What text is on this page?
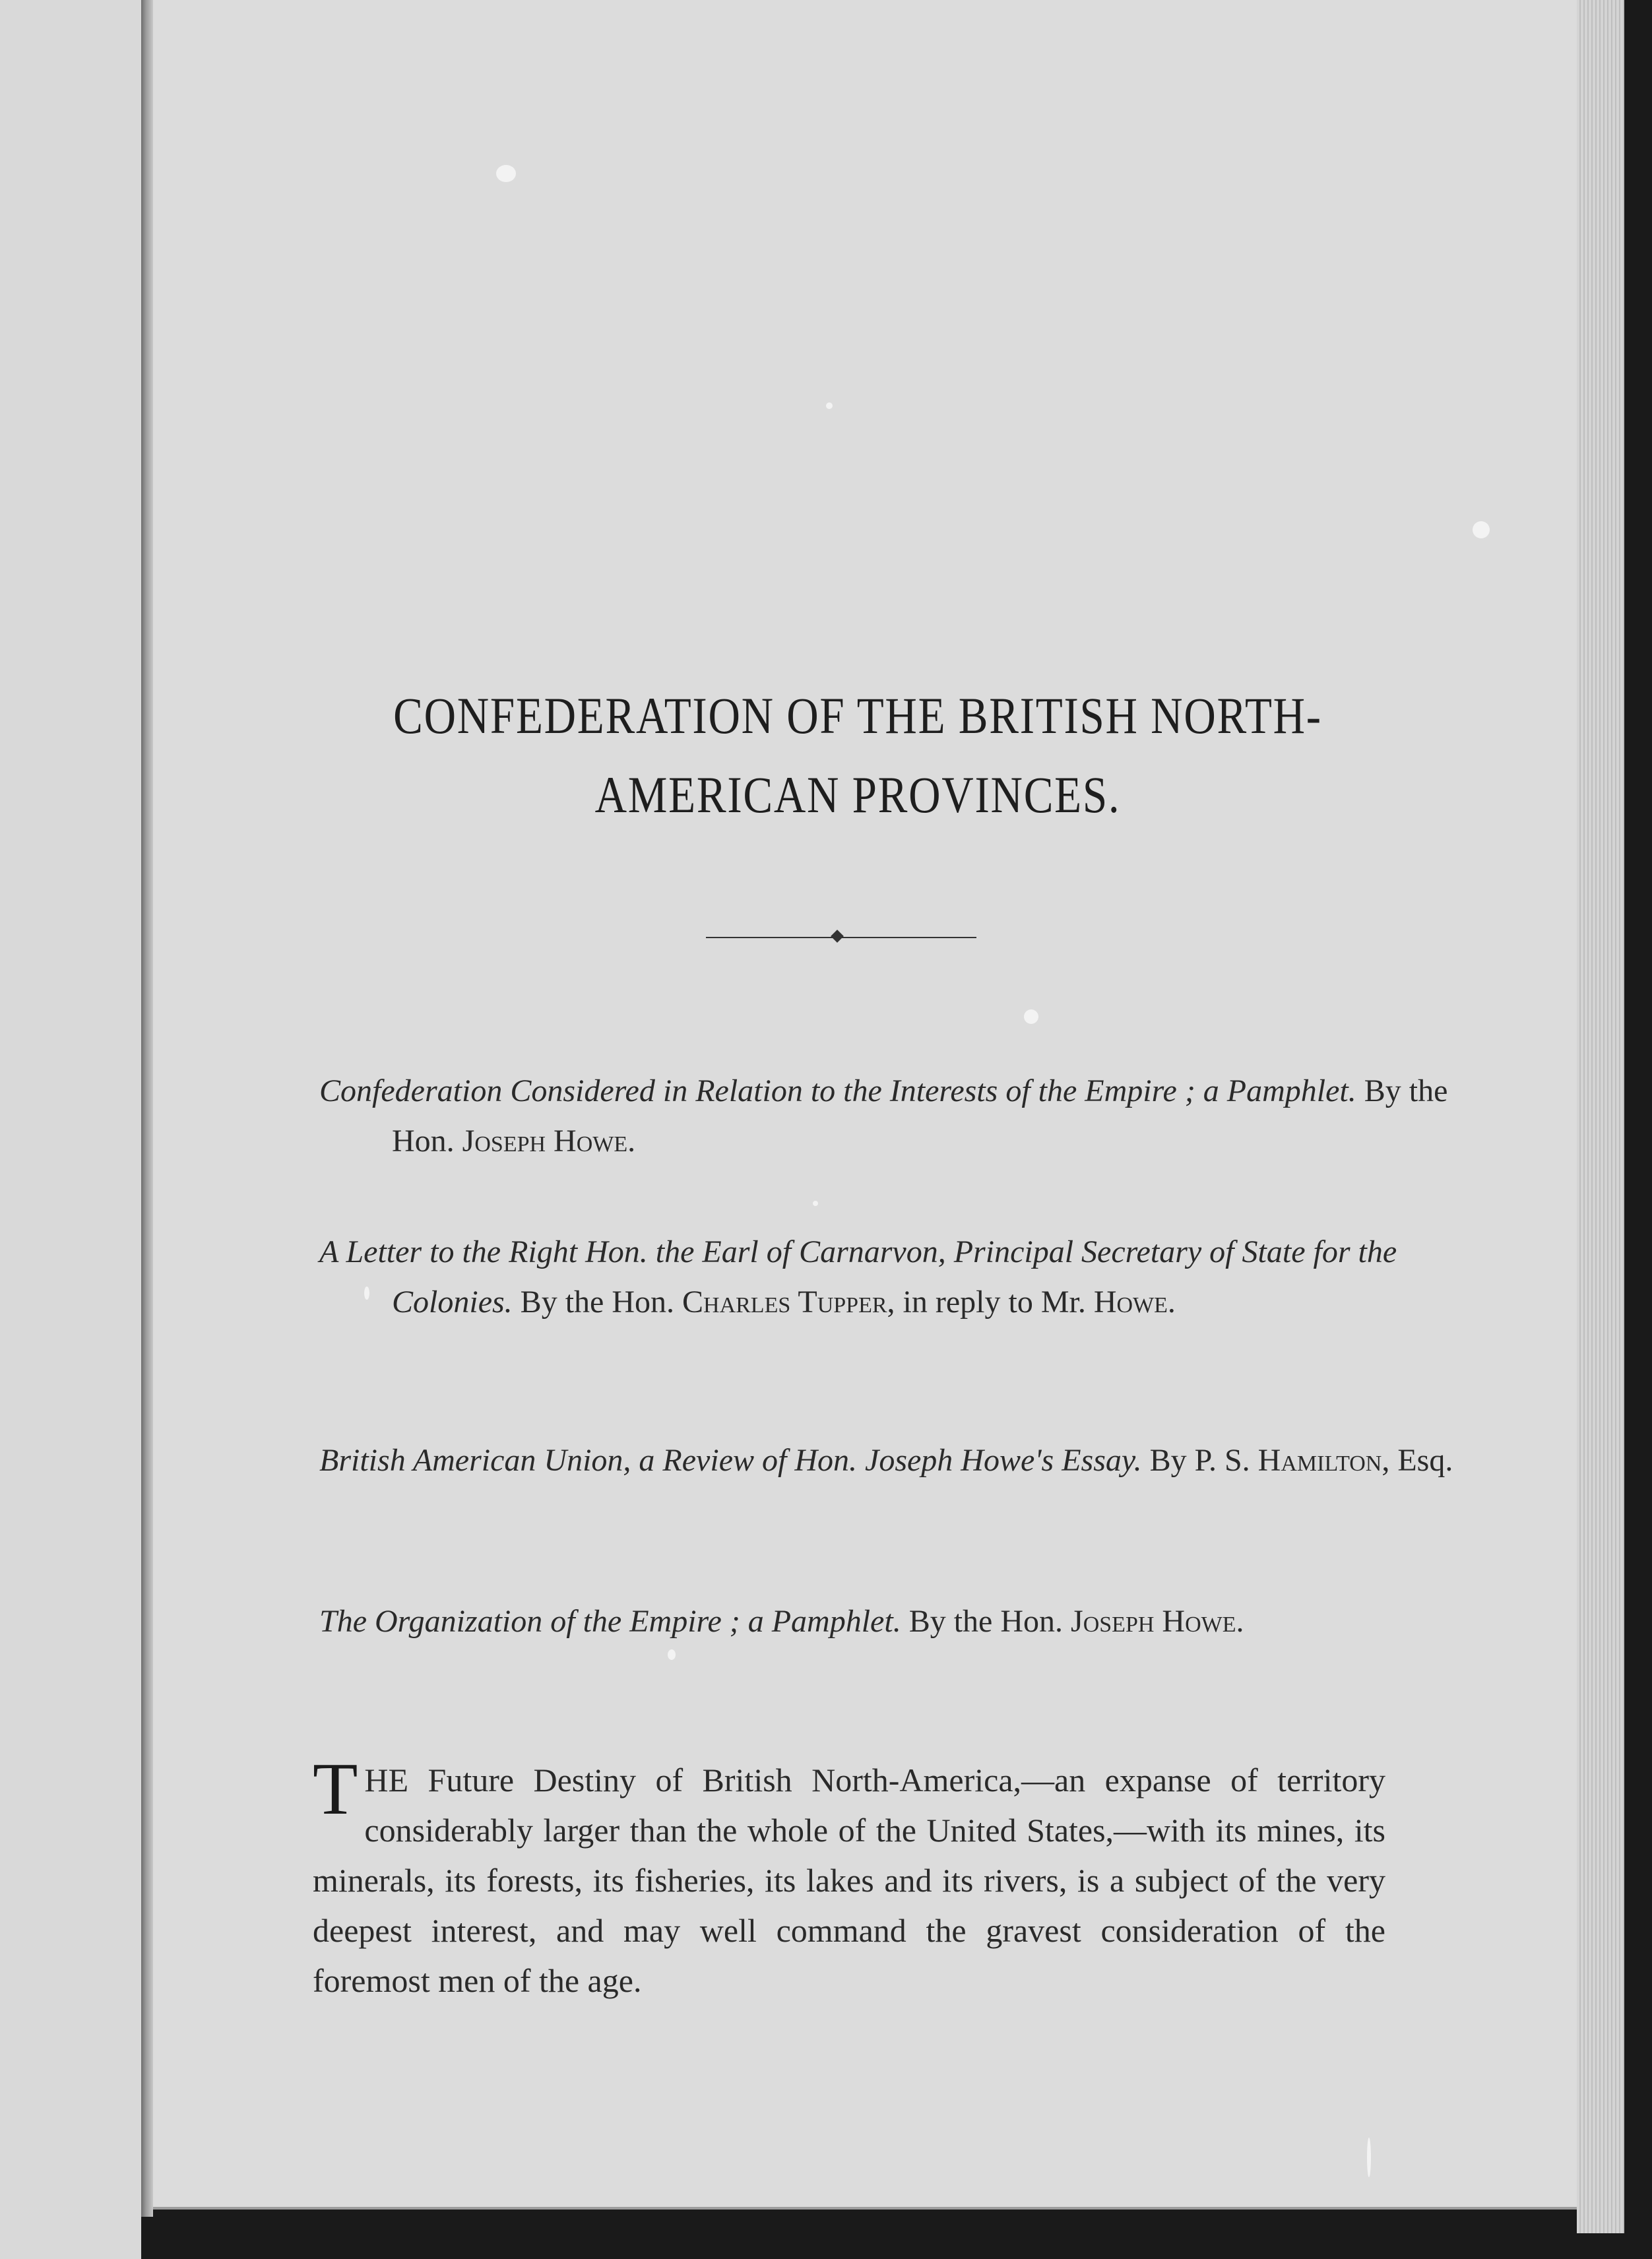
CONFEDERATION OF THE BRITISH NORTH-
AMERICAN PROVINCES.
Confederation Considered in Relation to the Interests of the Empire ; a Pamphlet. By the Hon. Joseph Howe.
A Letter to the Right Hon. the Earl of Carnarvon, Principal Secretary of State for the Colonies. By the Hon. Charles Tupper, in reply to Mr. Howe.
British American Union, a Review of Hon. Joseph Howe's Essay. By P. S. Hamilton, Esq.
The Organization of the Empire ; a Pamphlet. By the Hon. Joseph Howe.
THE Future Destiny of British North-America,—an expanse of territory considerably larger than the whole of the United States,—with its mines, its minerals, its forests, its fisheries, its lakes and its rivers, is a subject of the very deepest interest, and may well command the gravest consideration of the foremost men of the age.
